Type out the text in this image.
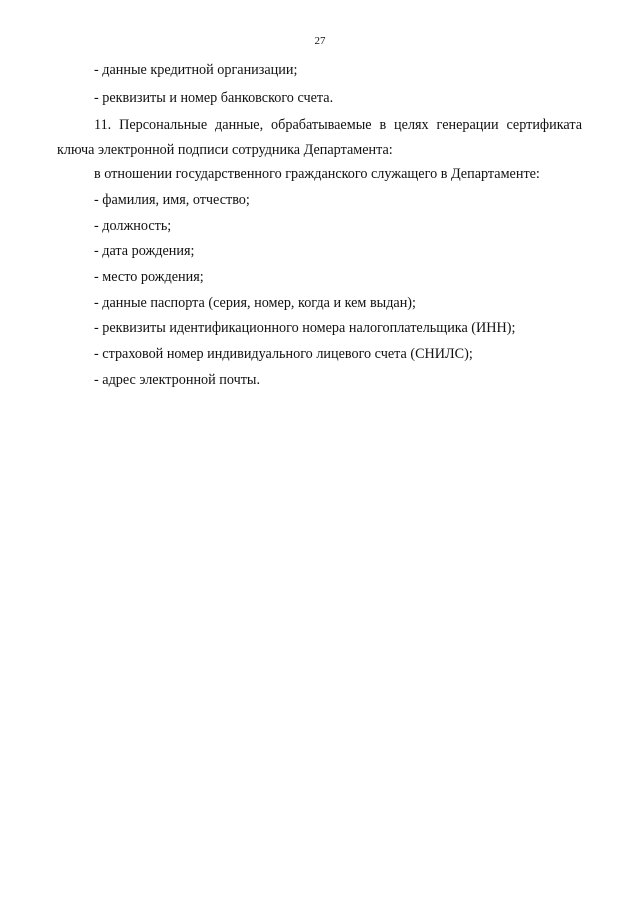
27
- данные кредитной организации;
- реквизиты и номер банковского счета.
11. Персональные данные, обрабатываемые в целях генерации сертификата
ключа электронной подписи сотрудника Департамента:
в отношении государственного гражданского служащего в Департаменте:
- фамилия, имя, отчество;
- должность;
- дата рождения;
- место рождения;
- данные паспорта (серия, номер, когда и кем выдан);
- реквизиты идентификационного номера налогоплательщика (ИНН);
- страховой номер индивидуального лицевого счета (СНИЛС);
- адрес электронной почты.
